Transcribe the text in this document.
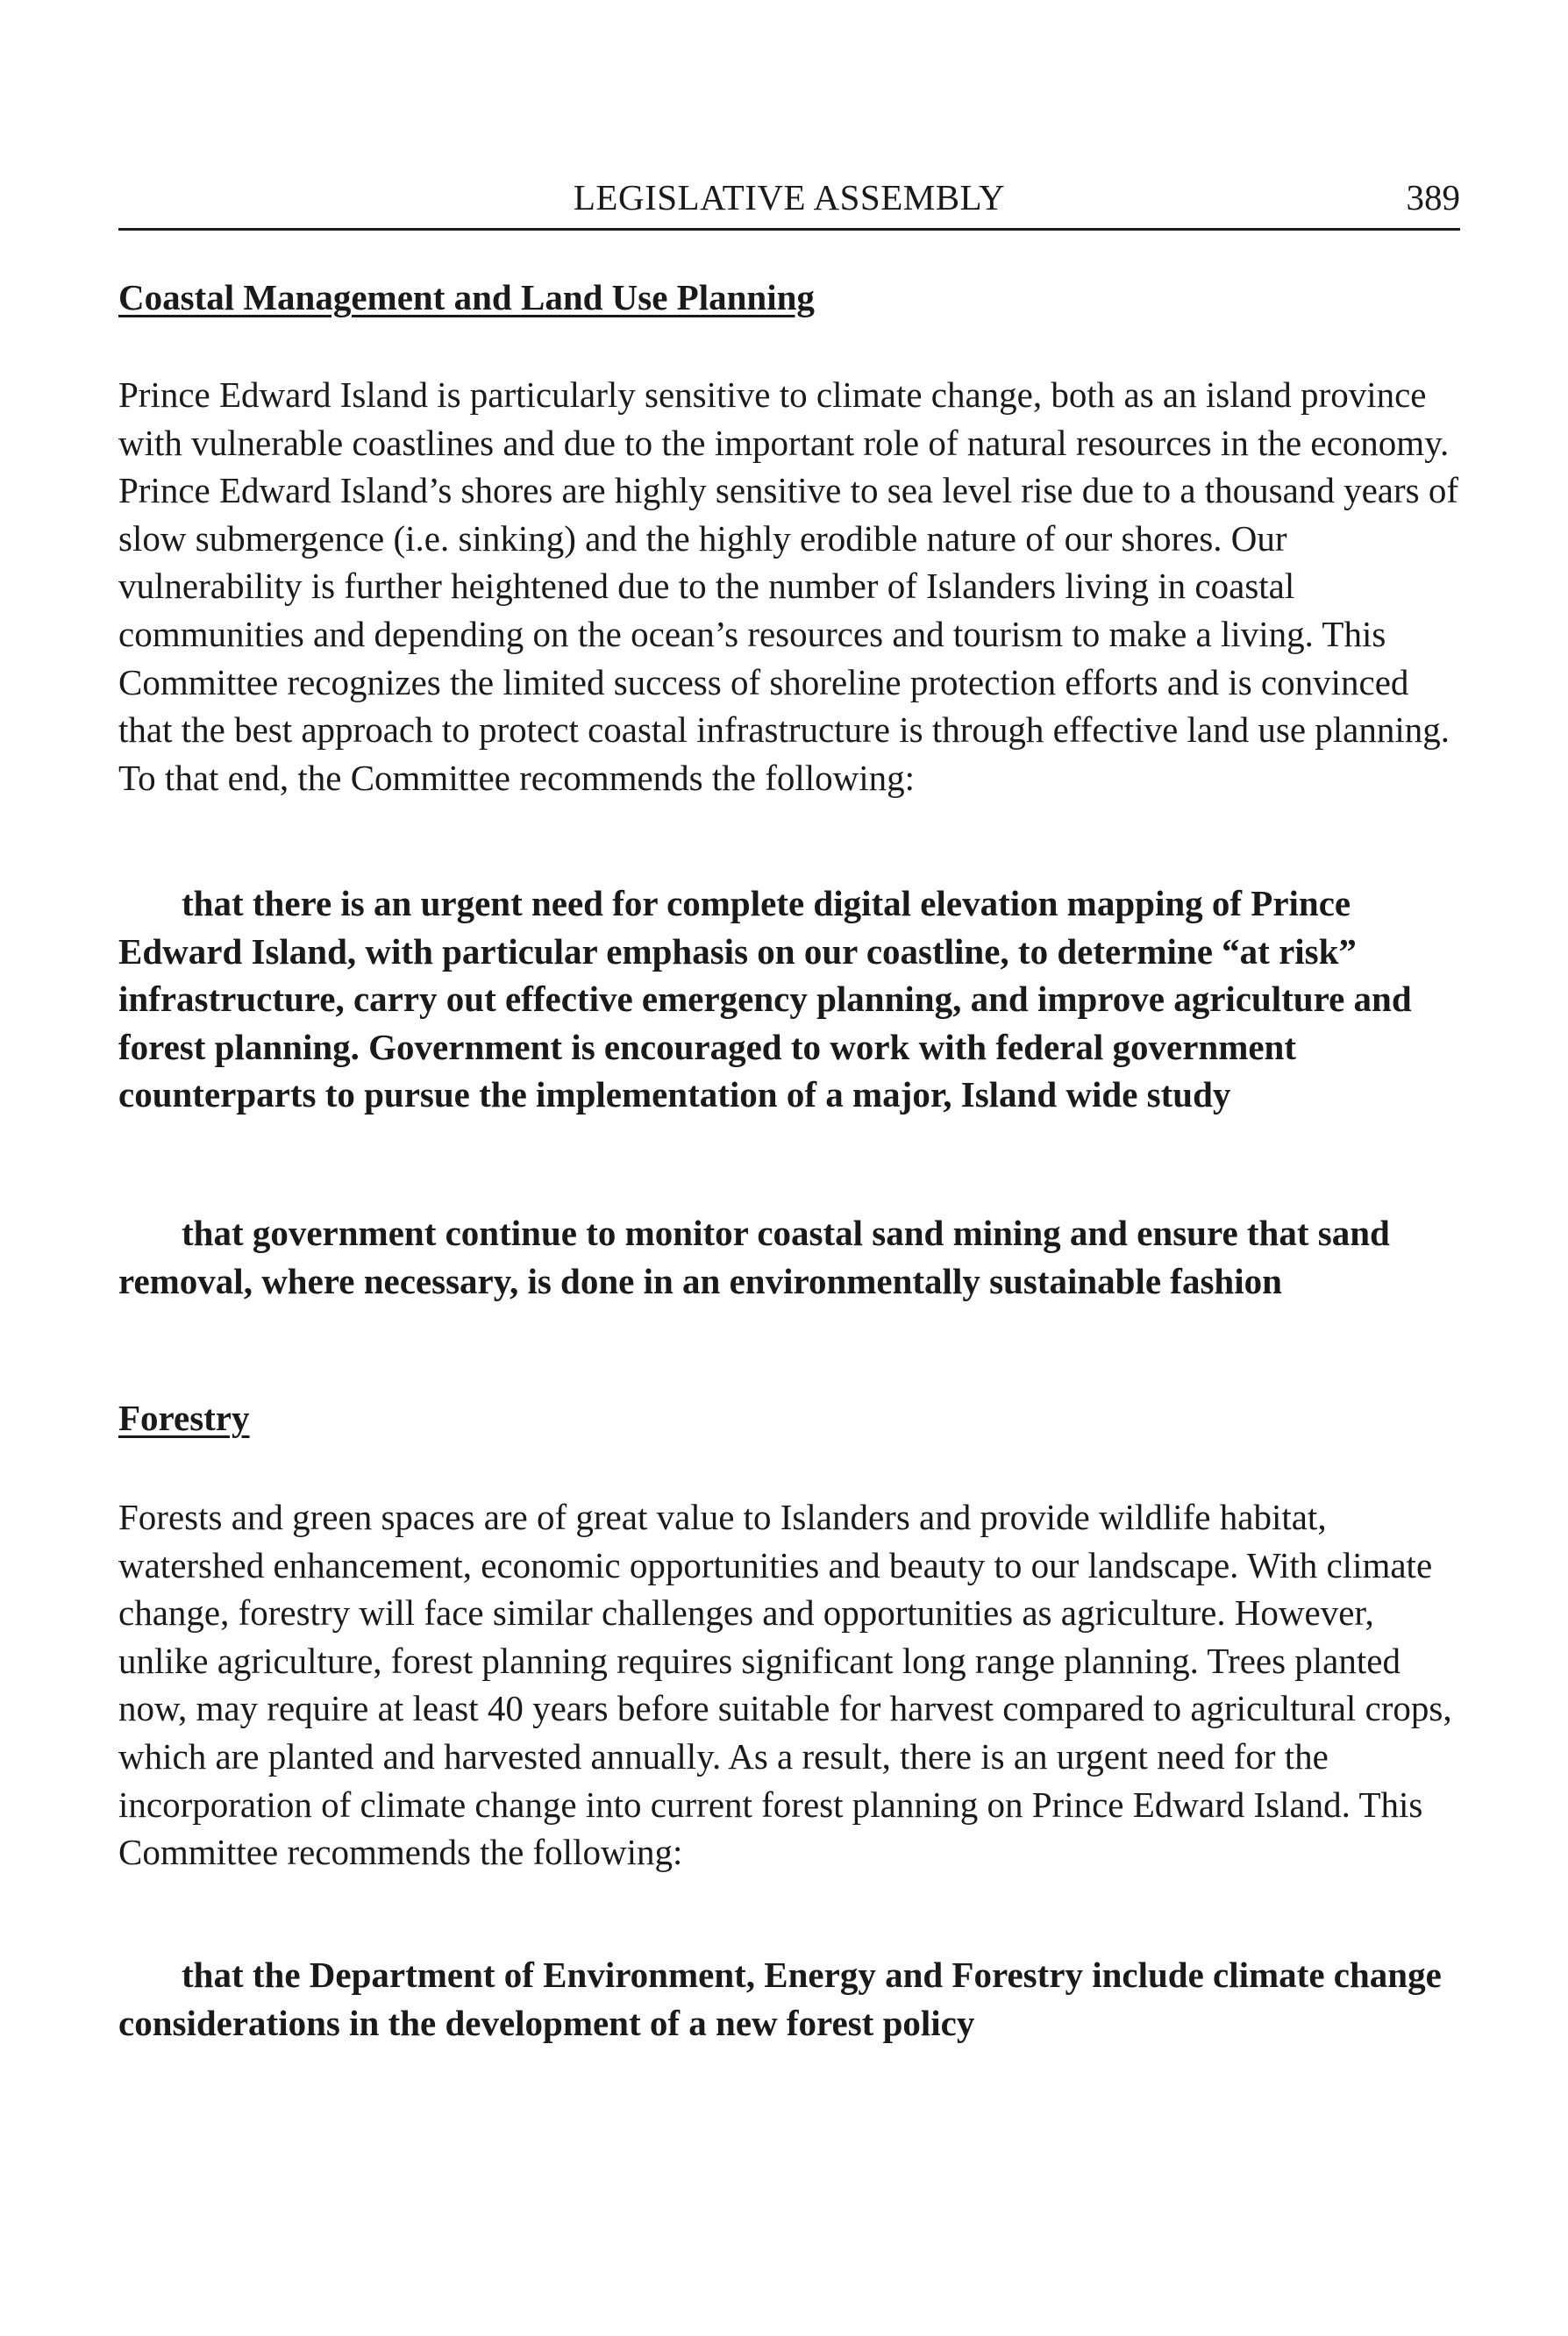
LEGISLATIVE ASSEMBLY	389
Coastal Management and Land Use Planning

Prince Edward Island is particularly sensitive to climate change, both as an island province with vulnerable coastlines and due to the important role of natural resources in the economy. Prince Edward Island’s shores are highly sensitive to sea level rise due to a thousand years of slow submergence (i.e. sinking) and the highly erodible nature of our shores. Our vulnerability is further heightened due to the number of Islanders living in coastal communities and depending on the ocean’s resources and tourism to make a living. This Committee recognizes the limited success of shoreline protection efforts and is convinced that the best approach to protect coastal infrastructure is through effective land use planning. To that end, the Committee recommends the following:

that there is an urgent need for complete digital elevation mapping of Prince Edward Island, with particular emphasis on our coastline, to determine “at risk” infrastructure, carry out effective emergency planning, and improve agriculture and forest planning. Government is encouraged to work with federal government counterparts to pursue the implementation of a major, Island wide study

that government continue to monitor coastal sand mining and ensure that sand removal, where necessary, is done in an environmentally sustainable fashion

Forestry

Forests and green spaces are of great value to Islanders and provide wildlife habitat, watershed enhancement, economic opportunities and beauty to our landscape. With climate change, forestry will face similar challenges and opportunities as agriculture. However, unlike agriculture, forest planning requires significant long range planning. Trees planted now, may require at least 40 years before suitable for harvest compared to agricultural crops, which are planted and harvested annually. As a result, there is an urgent need for the incorporation of climate change into current forest planning on Prince Edward Island. This Committee recommends the following:

that the Department of Environment, Energy and Forestry include climate change considerations in the development of a new forest policy
